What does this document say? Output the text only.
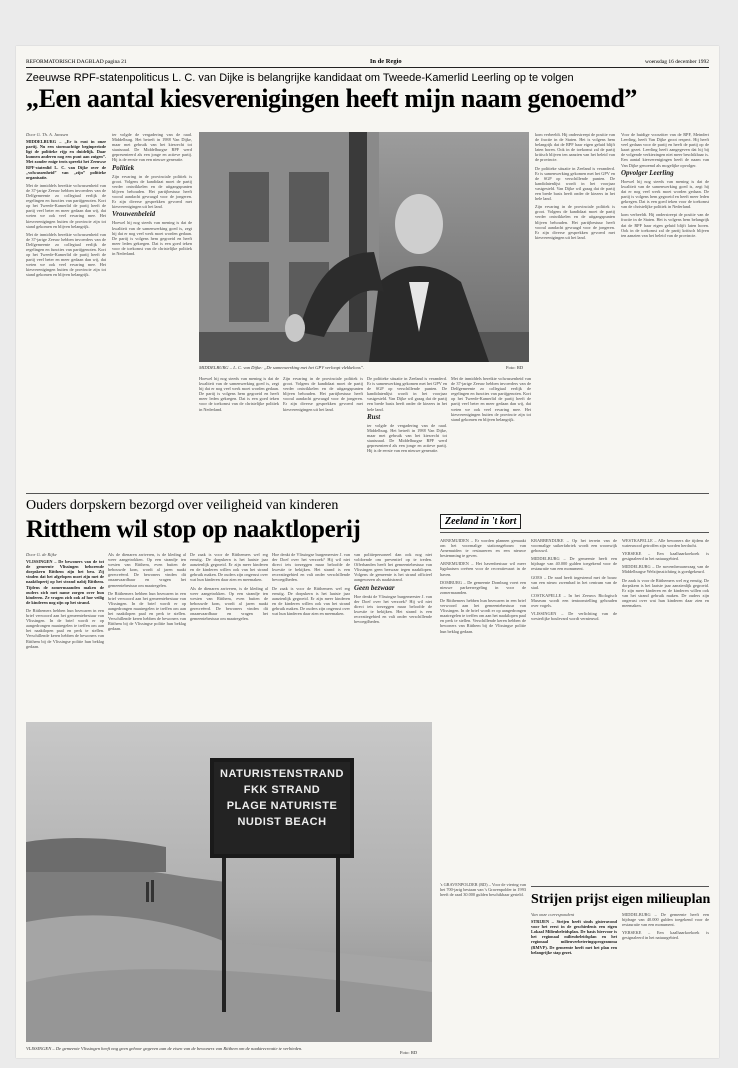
REFORMATORISCH DAGBLAD pagina 21	In de Regio	woensdag 16 december 1992
Zeeuwse RPF-statenpoliticus L. C. van Dijke is belangrijke kandidaat om Tweede-Kamerlid Leerling op te volgen
„Een aantal kiesverenigingen heeft mijn naam genoemd”
Door G. Th. A. Janssen
MIDDELBURG – „Er is rust in onze partij. Nu een stormachtige beginperiode ligt de politieke rijp en duidelijk. Daar kunnen anderen nog een punt aan zuigen”. Met zonder enige trots spreekt het Zeeuwse RPF-statenlid L. C. van Dijke over de „volwassenheid” van „zijn” politieke organisatie.

Met de inmiddels bereikte volwassenheid van de 37-jarige Zeeuw hebben invoerders van de Delfgemeente zo collegiaal eerlijk de regelingen en functies van partijgenoten. Kort op het Tweede-Kamerlid de partij heeft de partij veel beter en meer gedaan dan wij, dat weten we ook veel ervaring mee. Het kiesverenigingen buiten de provincie zijn tot stand gekomen en blijven belangrijk.

Met de inmiddels bereikte volwassenheid van de 37-jarige Zeeuw hebben invoerders van de Delfgemeente zo collegiaal eerlijk de regelingen en functies van partijgenoten. Kort op het Tweede-Kamerlid de partij heeft de partij veel beter en meer gedaan dan wij, dat weten we ook veel ervaring mee. Het kiesverenigingen buiten de provincie zijn tot stand gekomen en blijven belangrijk.

ter volgde de vergadering van de raad. Middelburg. Het betreft in 1988 Van Dijke, maar met gebruik van het kiesrecht tot staatsraad. De Middelburgse RPF werd gepresenteerd als een jonge en actieve partij. Hij is de eerste van een nieuwe generatie.

Politiek

Zijn ervaring in de provinciale politiek is groot. Volgens de kandidaat moet de partij verder ontwikkelen en de uitgangspunten blijven behouden. Het partijbestuur heeft vooral aandacht gevraagd voor de jongeren. Er zijn diverse gesprekken gevoerd met kiesverenigingen uit het land.

Vrouwenbeleid

Hoewel hij nog steeds van mening is dat de kwaliteit van de samenwerking goed is, zegt hij dat er nog veel werk moet worden gedaan. De partij is volgens hem gegroeid en heeft meer leden gekregen. Dat is een goed teken voor de toekomst van de christelijke politiek in Nederland.

MIDDELBURG – L. C. van Dijke: „De samenwerking met het GPV verloopt vlekkeloos”.	Foto: RD

Hoewel hij nog steeds van mening is dat de kwaliteit van de samenwerking goed is, zegt hij dat er nog veel werk moet worden gedaan. De partij is volgens hem gegroeid en heeft meer leden gekregen. Dat is een goed teken voor de toekomst van de christelijke politiek in Nederland.

Zijn ervaring in de provinciale politiek is groot. Volgens de kandidaat moet de partij verder ontwikkelen en de uitgangspunten blijven behouden. Het partijbestuur heeft vooral aandacht gevraagd voor de jongeren. Er zijn diverse gesprekken gevoerd met kiesverenigingen uit het land.

De politieke situatie in Zeeland is veranderd. Er is samenwerking gekomen met het GPV en de SGP op verschillende punten. De kandidatenlijst wordt in het voorjaar vastgesteld. Van Dijke wil graag dat de partij een brede basis heeft onder de kiezers in het hele land.

Rust

ter volgde de vergadering van de raad. Middelburg. Het betreft in 1988 Van Dijke, maar met gebruik van het kiesrecht tot staatsraad. De Middelburgse RPF werd gepresenteerd als een jonge en actieve partij. Hij is de eerste van een nieuwe generatie.

Met de inmiddels bereikte volwassenheid van de 37-jarige Zeeuw hebben invoerders van de Delfgemeente zo collegiaal eerlijk de regelingen en functies van partijgenoten. Kort op het Tweede-Kamerlid de partij heeft de partij veel beter en meer gedaan dan wij, dat weten we ook veel ervaring mee. Het kiesverenigingen buiten de provincie zijn tot stand gekomen en blijven belangrijk.

kom verbeeldt. Hij onderstreept de positie van de fractie in de Staten. Het is volgens hem belangrijk dat de RPF haar eigen geluid blijft laten horen. Ook in de toekomst zal de partij kritisch blijven ten aanzien van het beleid van de provincie.

De politieke situatie in Zeeland is veranderd. Er is samenwerking gekomen met het GPV en de SGP op verschillende punten. De kandidatenlijst wordt in het voorjaar vastgesteld. Van Dijke wil graag dat de partij een brede basis heeft onder de kiezers in het hele land.

Zijn ervaring in de provinciale politiek is groot. Volgens de kandidaat moet de partij verder ontwikkelen en de uitgangspunten blijven behouden. Het partijbestuur heeft vooral aandacht gevraagd voor de jongeren. Er zijn diverse gesprekken gevoerd met kiesverenigingen uit het land.

Voor de huidige voorzitter van de RPF, Meindert Leerling, heeft Van Dijke groot respect. Hij heeft veel gedaan voor de partij en heeft de partij op de kaart gezet. Leerling heeft aangegeven dat hij bij de volgende verkiezingen niet meer beschikbaar is. Een aantal kiesverenigingen heeft de naam van Van Dijke genoemd als mogelijke opvolger.

Opvolger Leerling

Hoewel hij nog steeds van mening is dat de kwaliteit van de samenwerking goed is, zegt hij dat er nog veel werk moet worden gedaan. De partij is volgens hem gegroeid en heeft meer leden gekregen. Dat is een goed teken voor de toekomst van de christelijke politiek in Nederland.

kom verbeeldt. Hij onderstreept de positie van de fractie in de Staten. Het is volgens hem belangrijk dat de RPF haar eigen geluid blijft laten horen. Ook in de toekomst zal de partij kritisch blijven ten aanzien van het beleid van de provincie.

Ouders dorpskern bezorgd over veiligheid van kinderen
Ritthem wil stop op naaktloperij
Door G. de Rijke
VLISSINGEN – De bewoners van de tot de gemeente Vlissingen behorende dorpskern Ritthem zijn het beu. Zij vinden dat het afgelopen moet zijn met de naaktloperij op het strand nabij Ritthem. Tijdens de zomermaanden maken de ouders zich met name zorgen over hun kinderen. Ze vragen zich ook af hoe veilig de kinderen nog zijn op het strand.

De Ritthemers hebben hun bezwaren in een brief verwoord aan het gemeentebestuur van Vlissingen. In de brief wordt er op aangedrongen maatregelen te treffen om aan het naaktlopen paal en perk te stellen. Verschillende keren hebben de bewoners van Ritthem bij de Vlissingse politie hun beklag gedaan.

Als de dienaren arriveren, is de kleding al weer aangetrokken. Op een strandje ten westen van Ritthem, even buiten de bebouwde kom, wordt al jaren naakt gerecreëerd. De bewoners vinden dit onaanvaardbaar en vragen het gemeentebestuur om maatregelen.

De Ritthemers hebben hun bezwaren in een brief verwoord aan het gemeentebestuur van Vlissingen. In de brief wordt er op aangedrongen maatregelen te treffen om aan het naaktlopen paal en perk te stellen. Verschillende keren hebben de bewoners van Ritthem bij de Vlissingse politie hun beklag gedaan.

De zaak is voor de Ritthemers wel erg ernstig. De dorpskern is het laatste jaar aanzienlijk gegroeid. Er zijn meer kinderen en de kinderen willen ook van het strand gebruik maken. De ouders zijn ongerust over wat hun kinderen daar zien en meemaken.

Als de dienaren arriveren, is de kleding al weer aangetrokken. Op een strandje ten westen van Ritthem, even buiten de bebouwde kom, wordt al jaren naakt gerecreëerd. De bewoners vinden dit onaanvaardbaar en vragen het gemeentebestuur om maatregelen.

Hoe denkt de Vlissingse burgemeester J. van der Doef over het verzoek? Hij wil niet direct iets toezeggen maar beloofde de kwestie te bekijken. Het strand is een recreatiegebied en valt onder verschillende bevoegdheden.

De zaak is voor de Ritthemers wel erg ernstig. De dorpskern is het laatste jaar aanzienlijk gegroeid. Er zijn meer kinderen en de kinderen willen ook van het strand gebruik maken. De ouders zijn ongerust over wat hun kinderen daar zien en meemaken.

van politiepersoneel dan ook nog niet voldoende om preventief op te treden. Offerhanden heeft het gemeentebestuur van Vlissingen geen bezwaar tegen naaktlopen. Volgens de gemeente is het strand officieel aangewezen als naaktstrand.

Geen bezwaar

Hoe denkt de Vlissingse burgemeester J. van der Doef over het verzoek? Hij wil niet direct iets toezeggen maar beloofde de kwestie te bekijken. Het strand is een recreatiegebied en valt onder verschillende bevoegdheden.

NATURISTENSTRAND
FKK STRAND
PLAGE NATURISTE
NUDIST BEACH
VLISSINGEN – De gemeente Vlissingen heeft nog geen gehoor gegeven aan de eisen van de bewoners van Ritthem om de naaktrecreatie te verbieden.
Foto: RD
Zeeland in 't kort

ARNEMUIDEN – Er worden plannen gemaakt om het voormalige stationsgebouw van Arnemuiden te restaureren en een nieuwe bestemming te geven.

ARNEMUIDEN – Het havenbestuur wil meer ligplaatsen creëren voor de recreatievaart in de haven.

DOMBURG – De gemeente Domburg voert een nieuwe parkeerregeling in voor de zomermaanden.

De Ritthemers hebben hun bezwaren in een brief verwoord aan het gemeentebestuur van Vlissingen. In de brief wordt er op aangedrongen maatregelen te treffen om aan het naaktlopen paal en perk te stellen. Verschillende keren hebben de bewoners van Ritthem bij de Vlissingse politie hun beklag gedaan.

KRABBENDIJKE – Op het terrein van de voormalige suikerfabriek wordt een woonwijk gebouwd.

MIDDELBURG – De gemeente heeft een bijdrage van 40.000 gulden toegekend voor de restauratie van een monument.

GOES – De raad heeft ingestemd met de bouw van een nieuw zwembad in het centrum van de stad.

COSTKAPELLE – In het Zeeuws Biologisch Museum wordt een tentoonstelling gehouden over vogels.

VLISSINGEN – De verlichting van de westerlijke boulevard wordt vernieuwd.

WESTKAPELLE – Alle bewoners die tijdens de watersnood getroffen zijn worden herdacht.

YERSEKE – Een kaalhaarkoekoek is gesignaleerd in het natuurgebied.

MIDDELBURG – De novemberaanvraag van de Middelburgse Welzijnsstichting is goedgekeurd.

De zaak is voor de Ritthemers wel erg ernstig. De dorpskern is het laatste jaar aanzienlijk gegroeid. Er zijn meer kinderen en de kinderen willen ook van het strand gebruik maken. De ouders zijn ongerust over wat hun kinderen daar zien en meemaken.

's GRAVENPOLDER (RD) – Voor de viering van het 700-jarig bestaan van 's Gravenpolder in 1993 heeft de raad 30.000 gulden beschikbaar gesteld. Strijen prijst eigen milieuplan
Van onze correspondent

STRIJEN – Strijen heeft sinds gisteravond voor het eerst in de geschiedenis een eigen Lokaal Milieubeleidsplan. De basis hiervoor is het regionaal milieubeleidsplan en het regionaal milieuverbeteringsprogramma (RMVP). De gemeente heeft met het plan een belangrijke stap gezet.

MIDDELBURG – De gemeente heeft een bijdrage van 40.000 gulden toegekend voor de restauratie van een monument.

YERSEKE – Een kaalhaarkoekoek is gesignaleerd in het natuurgebied.
